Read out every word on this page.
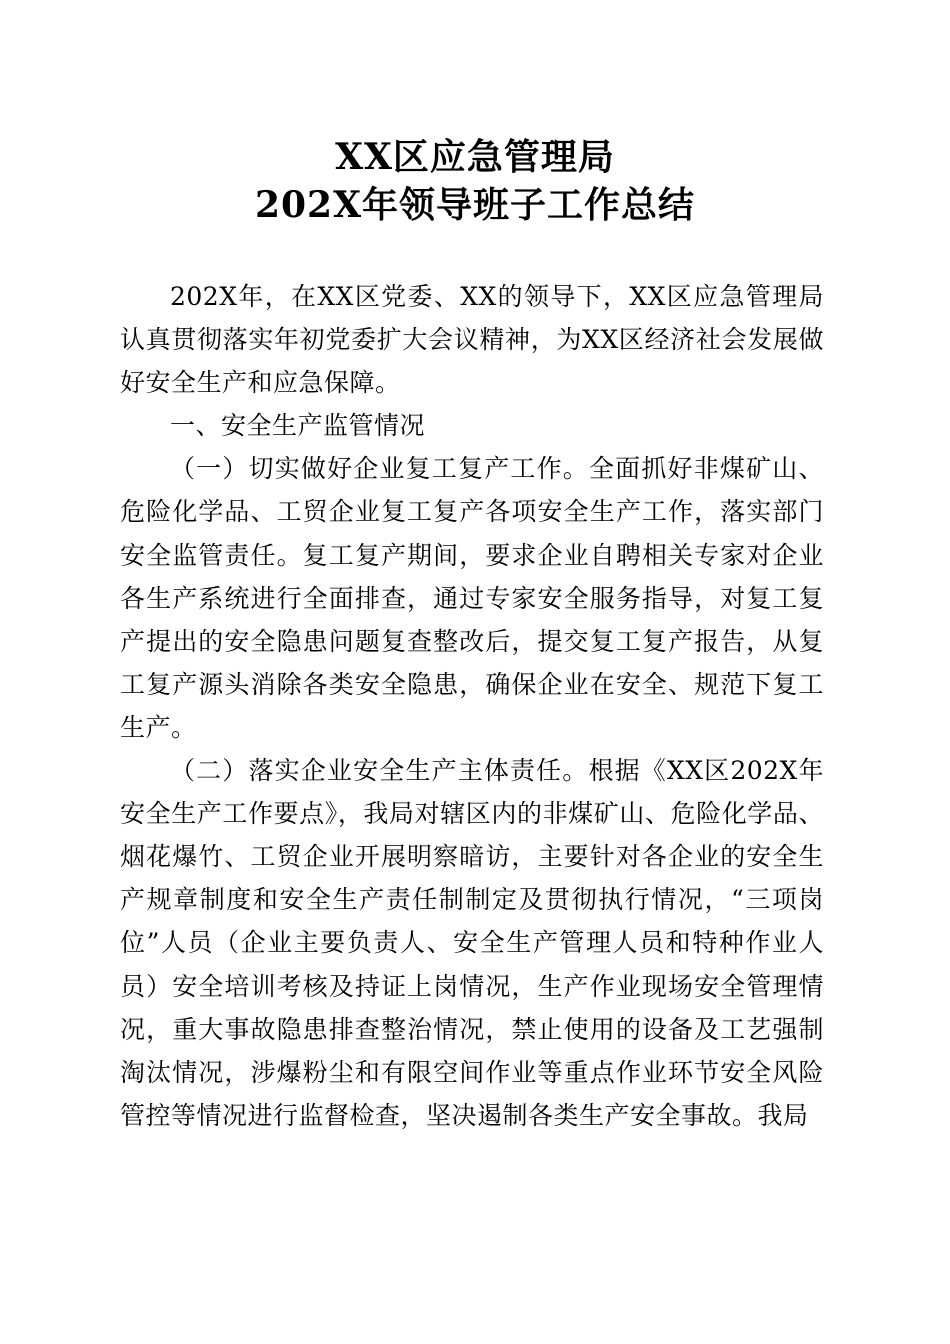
XX区应急管理局
202X年领导班子工作总结

202X年，在XX区党委、XX的领导下，XX区应急管理局认真贯彻落实年初党委扩大会议精神，为XX区经济社会发展做好安全生产和应急保障。

一、安全生产监管情况

（一）切实做好企业复工复产工作。全面抓好非煤矿山、危险化学品、工贸企业复工复产各项安全生产工作，落实部门安全监管责任。复工复产期间，要求企业自聘相关专家对企业各生产系统进行全面排查，通过专家安全服务指导，对复工复产提出的安全隐患问题复查整改后，提交复工复产报告，从复工复产源头消除各类安全隐患，确保企业在安全、规范下复工生产。

（二）落实企业安全生产主体责任。根据《XX区202X年安全生产工作要点》，我局对辖区内的非煤矿山、危险化学品、烟花爆竹、工贸企业开展明察暗访，主要针对各企业的安全生产规章制度和安全生产责任制制定及贯彻执行情况，“三项岗位”人员（企业主要负责人、安全生产管理人员和特种作业人员）安全培训考核及持证上岗情况，生产作业现场安全管理情况，重大事故隐患排查整治情况，禁止使用的设备及工艺强制淘汰情况，涉爆粉尘和有限空间作业等重点作业环节安全风险管控等情况进行监督检查，坚决遏制各类生产安全事故。我局
